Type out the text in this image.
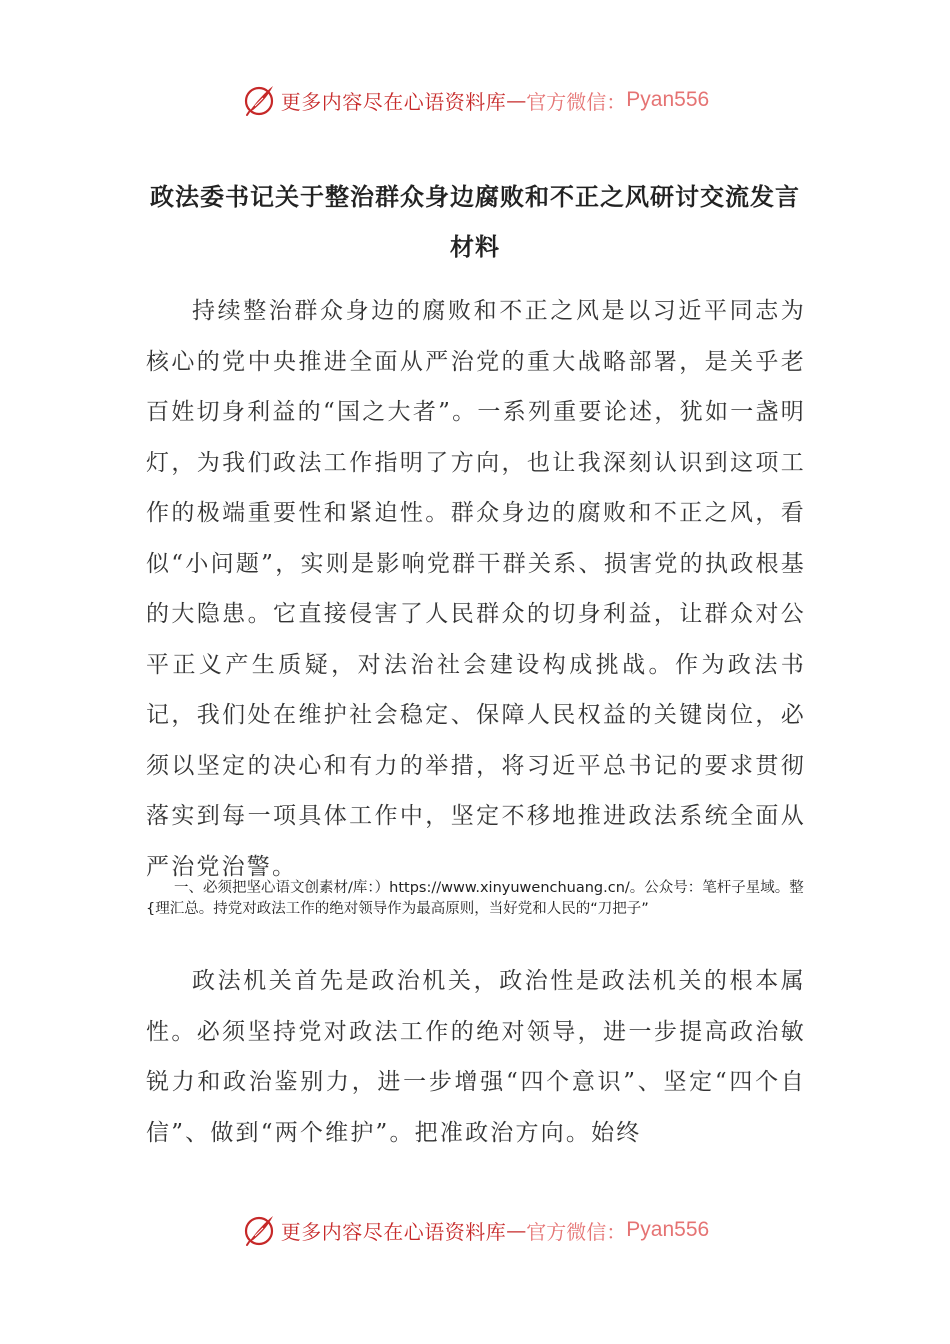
更多内容尽在心语资料库 — 官方微信： Pyan556
政法委书记关于整治群众身边腐败和不正之风研讨交流发言材料

持续整治群众身边的腐败和不正之风是以习近平同志为核心的党中央推进全面从严治党的重大战略部署，是关乎老百姓切身利益的“国之大者”。一系列重要论述，犹如一盏明灯，为我们政法工作指明了方向，也让我深刻认识到这项工作的极端重要性和紧迫性。群众身边的腐败和不正之风，看似“小问题”，实则是影响党群干群关系、损害党的执政根基的大隐患。它直接侵害了人民群众的切身利益，让群众对公平正义产生质疑，对法治社会建设构成挑战。作为政法书记，我们处在维护社会稳定、保障人民权益的关键岗位，必须以坚定的决心和有力的举措，将习近平总书记的要求贯彻落实到每一项具体工作中，坚定不移地推进政法系统全面从严治党治警。

一、必须把坚心语文创素材/库：）https://www.xinyuwenchuang.cn/。公众号：笔杆子星域。整{理汇总。持党对政法工作的绝对领导作为最高原则，当好党和人民的“刀把子”

政法机关首先是政治机关，政治性是政法机关的根本属性。必须坚持党对政法工作的绝对领导，进一步提高政治敏锐力和政治鉴别力，进一步增强“四个意识”、坚定“四个自信”、做到“两个维护”。把准政治方向。始终

更多内容尽在心语资料库 — 官方微信： Pyan556
